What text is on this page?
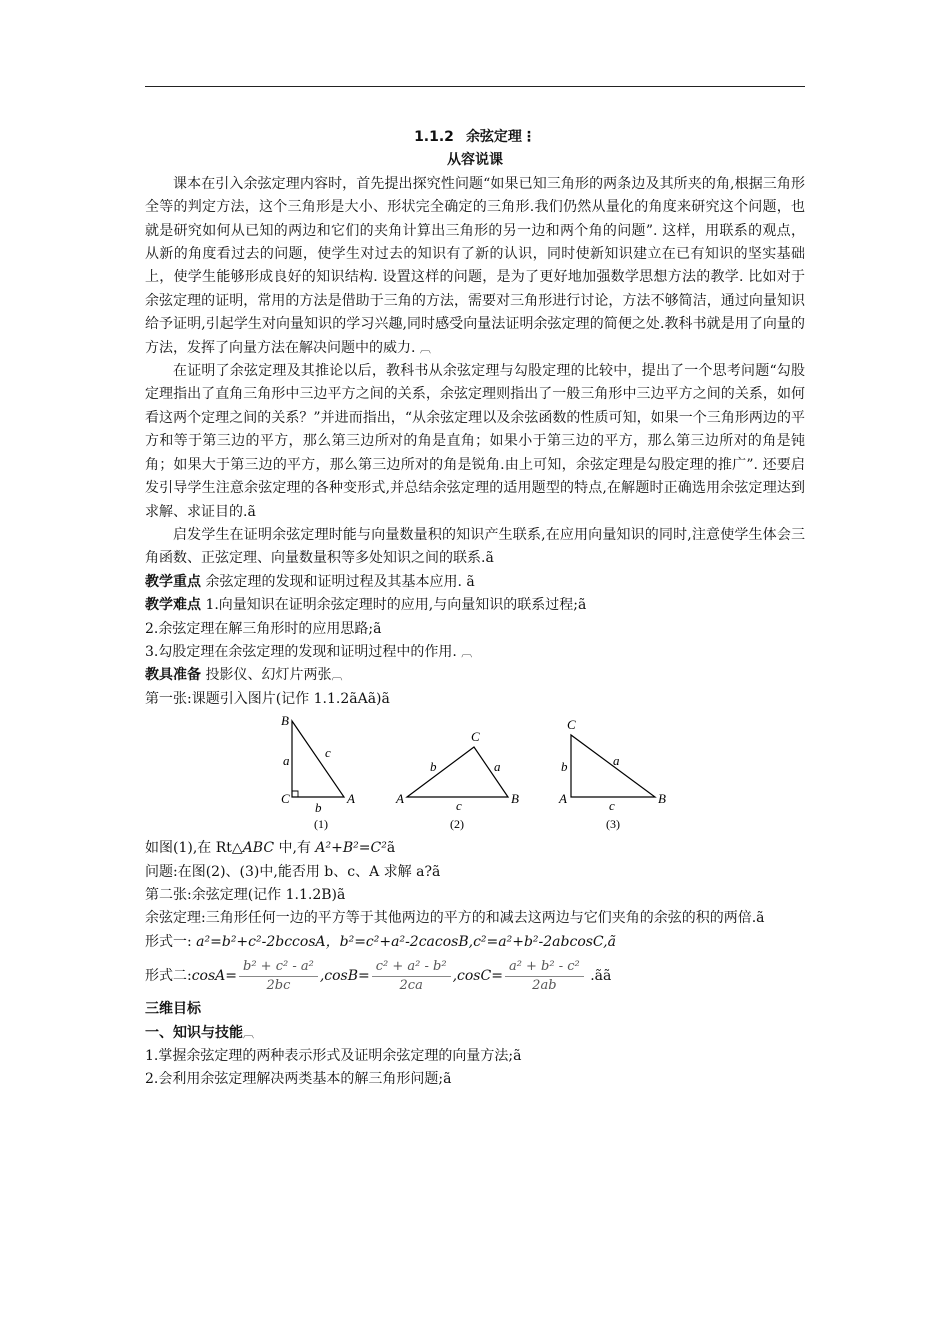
1.1.2 余弦定理⋮
从容说课
课本在引入余弦定理内容时，首先提出探究性问题“如果已知三角形的两条边及其所夹的角,根据三角形全等的判定方法，这个三角形是大小、形状完全确定的三角形.我们仍然从量化的角度来研究这个问题，也就是研究如何从已知的两边和它们的夹角计算出三角形的另一边和两个角的问题”. 这样，用联系的观点，从新的角度看过去的问题，使学生对过去的知识有了新的认识，同时使新知识建立在已有知识的坚实基础上，使学生能够形成良好的知识结构. 设置这样的问题，是为了更好地加强数学思想方法的教学. 比如对于余弦定理的证明，常用的方法是借助于三角的方法，需要对三角形进行讨论，方法不够简洁，通过向量知识给予证明,引起学生对向量知识的学习兴趣,同时感受向量法证明余弦定理的简便之处.教科书就是用了向量的方法，发挥了向量方法在解决问题中的威力. ︹
在证明了余弦定理及其推论以后，教科书从余弦定理与勾股定理的比较中，提出了一个思考问题“勾股定理指出了直角三角形中三边平方之间的关系，余弦定理则指出了一般三角形中三边平方之间的关系，如何看这两个定理之间的关系？”并进而指出，“从余弦定理以及余弦函数的性质可知，如果一个三角形两边的平方和等于第三边的平方，那么第三边所对的角是直角；如果小于第三边的平方，那么第三边所对的角是钝角；如果大于第三边的平方，那么第三边所对的角是锐角.由上可知，余弦定理是勾股定理的推广”. 还要启发引导学生注意余弦定理的各种变形式,并总结余弦定理的适用题型的特点,在解题时正确选用余弦定理达到求解、求证目的.ã
启发学生在证明余弦定理时能与向量数量积的知识产生联系,在应用向量知识的同时,注意使学生体会三角函数、正弦定理、向量数量积等多处知识之间的联系.ã
教学重点 余弦定理的发现和证明过程及其基本应用. ã
教学难点 1.向量知识在证明余弦定理时的应用,与向量知识的联系过程;ã
2.余弦定理在解三角形时的应用思路;ã
3.勾股定理在余弦定理的发现和证明过程中的作用. ︹
教具准备 投影仪、幻灯片两张︹
第一张:课题引入图片(记作 1.1.2ãAã)ã
B
a
c
C
b
A
(1)
C
b	a
A	c	B
(2)
C
b	a
A	c	B
(3)
如图(1),在 Rt△ABC 中,有 A²+B²=C²ã
问题:在图(2)、(3)中,能否用 b、c、A 求解 a?ã
第二张:余弦定理(记作 1.1.2B)ã
余弦定理:三角形任何一边的平方等于其他两边的平方的和减去这两边与它们夹角的余弦的积的两倍.ã
形式一: a²=b²+c²-2bccosA，b²=c²+a²-2cacosB,c²=a²+b²-2abcosC,ã
形式二:cosA= $\frac{\text{b² + c² - a²}}{2bc} ,\cos B= \frac{\text{c² + a² - b²}}{2ca} ,\cos C= \frac{\text{a² + b² - c²}}{2ab}$ .ãã
三维目标
一、知识与技能︹
1.掌握余弦定理的两种表示形式及证明余弦定理的向量方法;ã
2.会利用余弦定理解决两类基本的解三角形问题;ã
